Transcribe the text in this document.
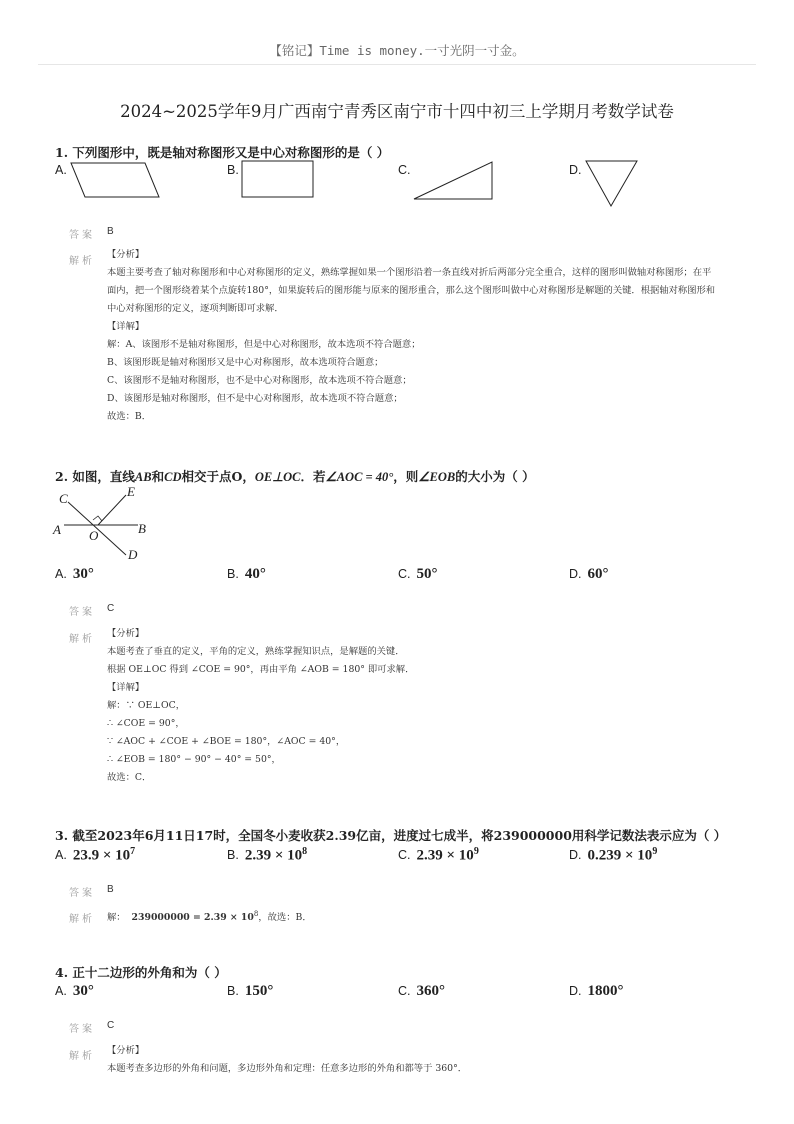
【铭记】Time is money.一寸光阴一寸金。
2024~2025学年9月广西南宁青秀区南宁市十四中初三上学期月考数学试卷
1. 下列图形中，既是轴对称图形又是中心对称图形的是（ ）
A.	B.	C.	D.
答案 B
解析
【分析】
本题主要考查了轴对称图形和中心对称图形的定义，熟练掌握如果一个图形沿着一条直线对折后两部分完全重合，这样的图形叫做轴对称图形；在平面内，把一个图形绕着某个点旋转180°，如果旋转后的图形能与原来的图形重合，那么这个图形叫做中心对称图形是解题的关键．根据轴对称图形和中心对称图形的定义，逐项判断即可求解．
【详解】
解：A、该图形不是轴对称图形，但是中心对称图形，故本选项不符合题意；
B、该图形既是轴对称图形又是中心对称图形，故本选项符合题意；
C、该图形不是轴对称图形，也不是中心对称图形，故本选项不符合题意；
D、该图形是轴对称图形，但不是中心对称图形，故本选项不符合题意；
故选：B．
2. 如图，直线AB和CD相交于点O，OE⊥OC．若∠AOC = 40°，则∠EOB的大小为（ ）
C	E
A O	B
D
A. 30°	B. 40°	C. 50°	D. 60°
答案 C
解析
【分析】
本题考查了垂直的定义，平角的定义，熟练掌握知识点，是解题的关键．
根据 OE⊥OC 得到 ∠COE = 90°，再由平角 ∠AOB = 180° 即可求解．
【详解】
解：∵ OE⊥OC，
∴ ∠COE = 90°，
∵ ∠AOC + ∠COE + ∠BOE = 180°，∠AOC = 40°，
∴ ∠EOB = 180° − 90° − 40° = 50°，
故选：C．
3. 截至2023年6月11日17时，全国冬小麦收获2.39亿亩，进度过七成半，将239000000用科学记数法表示应为（ ）
A. $23.9 \times 10^7$	B. $2.39 \times 10^8$	C. $2.39 \times 10^9$	D. $0.239 \times 10^9$
答案 B
解析 解： $239000000 = 2.39 \times 10^8$，故选：B．
4. 正十二边形的外角和为（ ）
A. 30°	B. 150°	C. 360°	D. 1800°
答案 C
解析
【分析】
本题考查多边形的外角和问题，多边形外角和定理：任意多边形的外角和都等于 360°．
